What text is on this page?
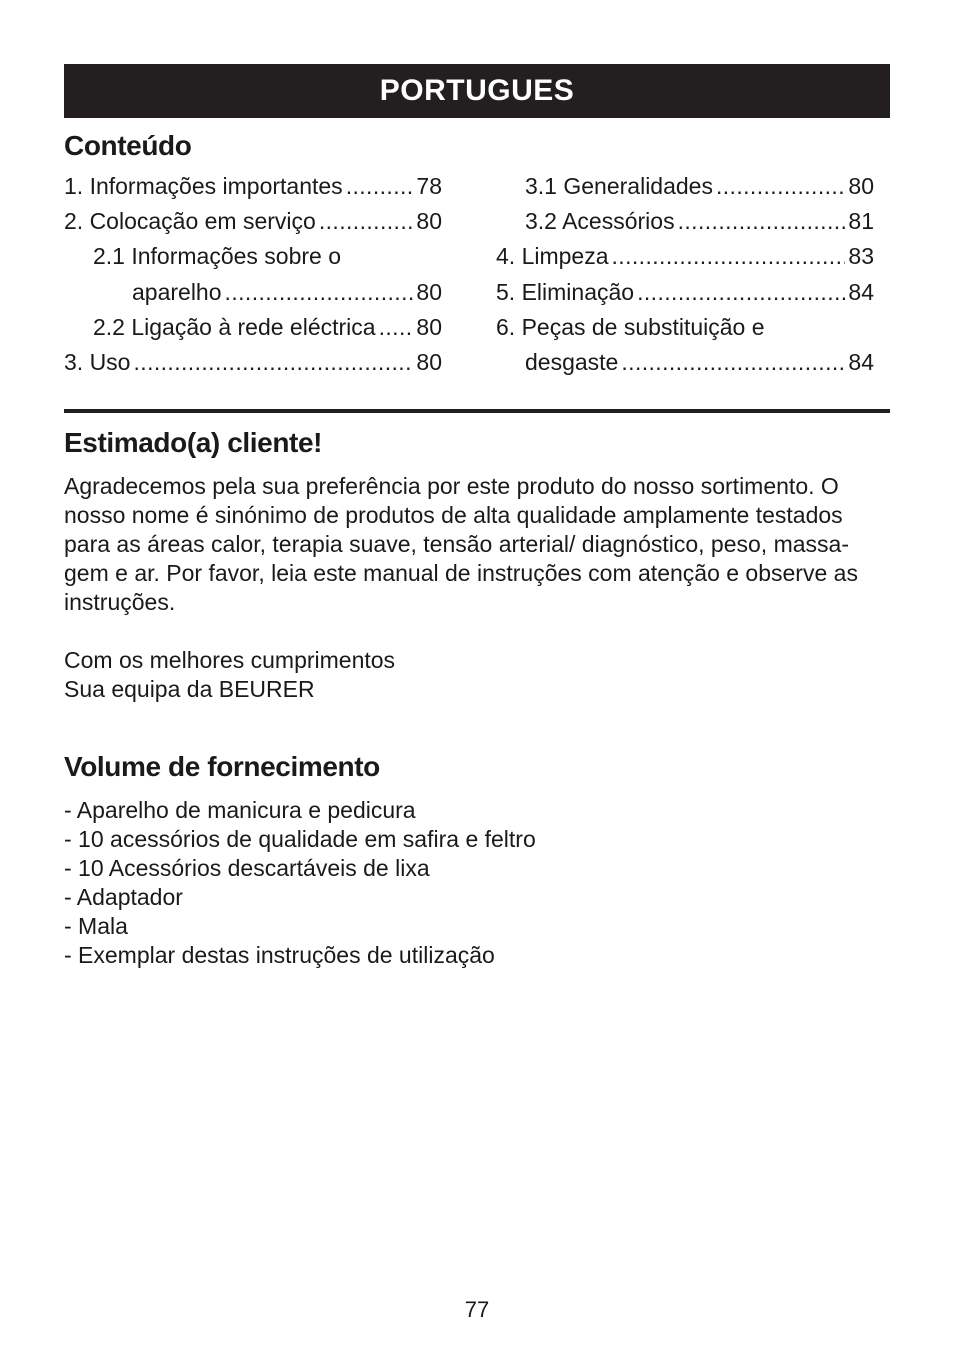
PORTUGUES
Conteúdo
1. Informações importantes .....	78
2. Colocação em serviço .....	80
2.1 Informações sobre o
aparelho .....	80
2.2 Ligação à rede eléctrica ..... 80
3. Uso .....	80
3.1 Generalidades .....	80
3.2 Acessórios .....	81
4. Limpeza .....	83
5. Eliminação .....	84
6. Peças de substituição e
desgaste .....	84
Estimado(a) cliente!
Agradecemos pela sua preferência por este produto do nosso sortimento. O
nosso nome é sinónimo de produtos de alta qualidade amplamente testados
para as áreas calor, terapia suave, tensão arterial/ diagnóstico, peso, massa-
gem e ar. Por favor, leia este manual de instruções com atenção e observe as
instruções.
Com os melhores cumprimentos
Sua equipa da BEURER
Volume de fornecimento
- Aparelho de manicura e pedicura
- 10 acessórios de qualidade em safira e feltro
- 10 Acessórios descartáveis de lixa
- Adaptador
- Mala
- Exemplar destas instruções de utilização
77
